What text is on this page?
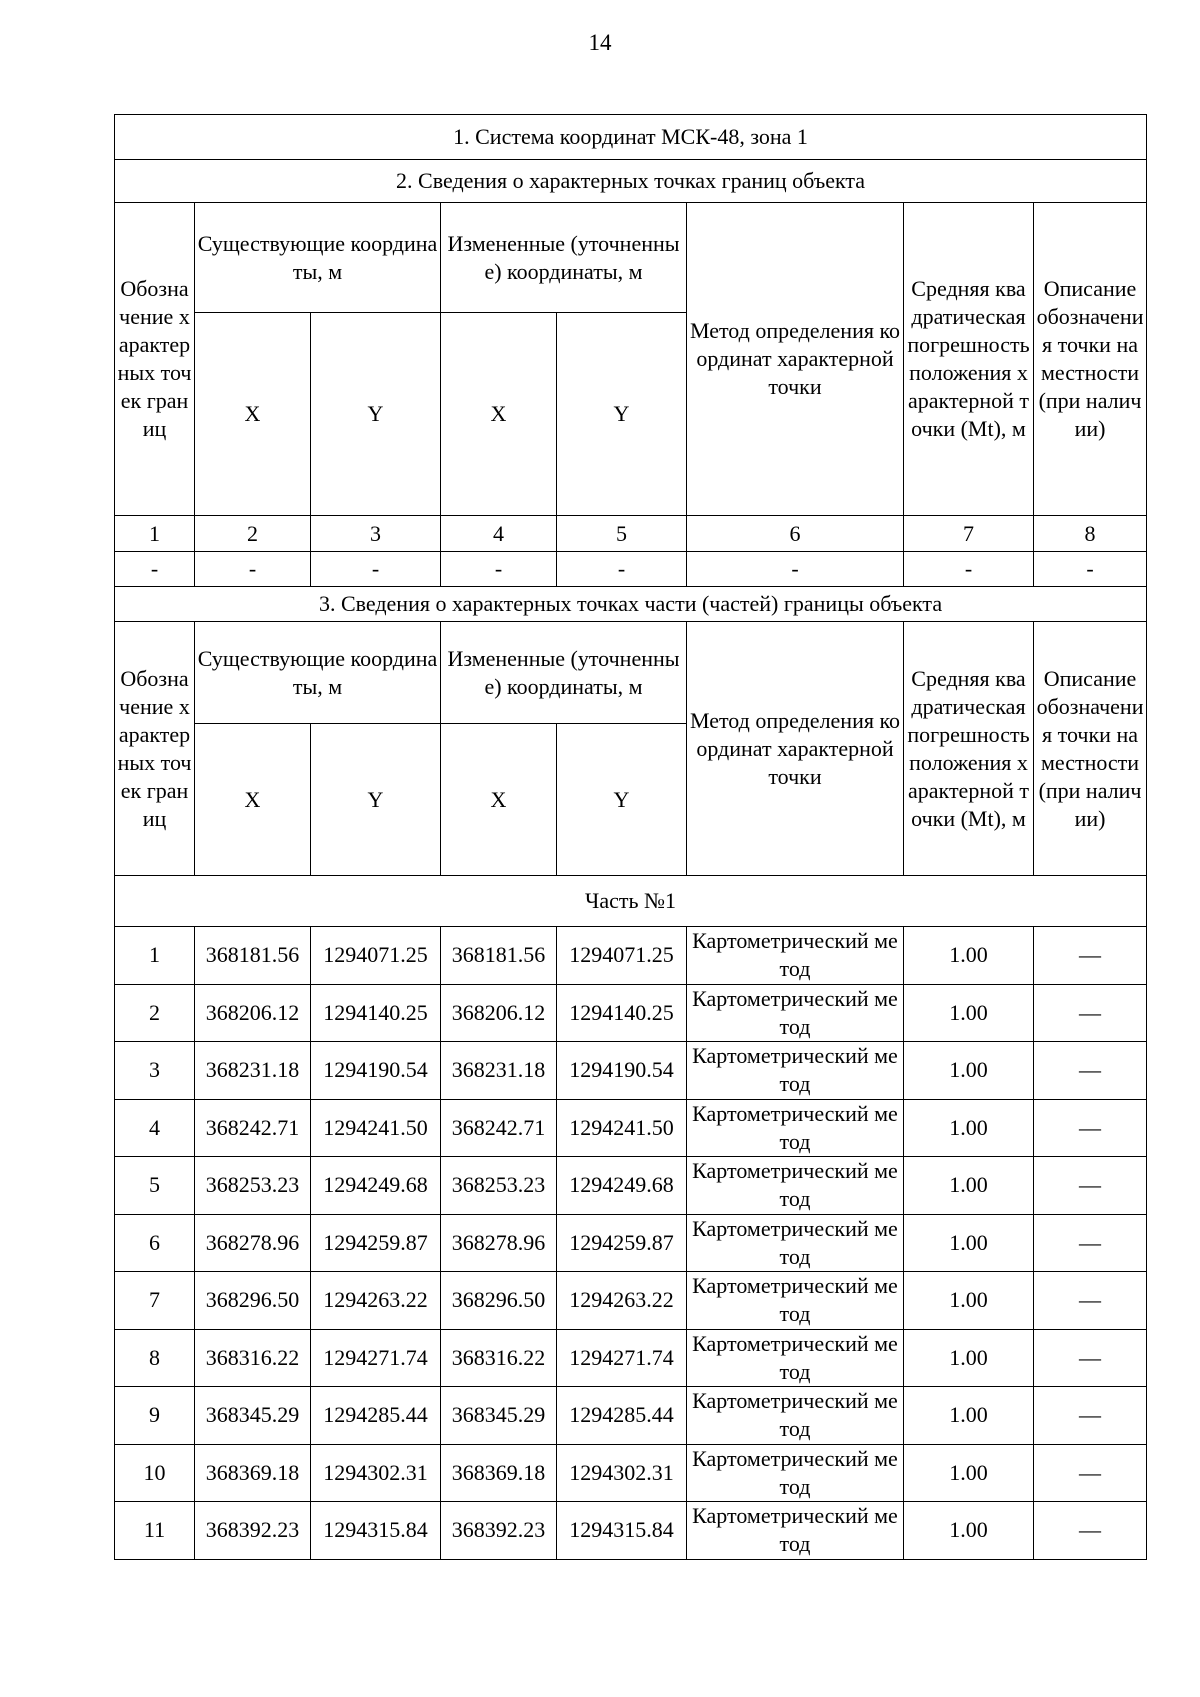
14
1. Система координат МСК-48, зона 1							
2. Сведения о характерных точках границ объекта							
Обозначение характерных точек границ	Существующие координаты, м		Измененные (уточненные) координаты, м		Метод определения координат характерной точки	Средняя квадратическая погрешность положения характерной точки (Mt), м	Описание обозначения точки на местности (при наличии)
	X	Y	X	Y			
1	2	3	4	5	6	7	8
-	-	-	-	-	-	-	-
3. Сведения о характерных точках части (частей) границы объекта							
Обозначение характерных точек границ	Существующие координаты, м		Измененные (уточненные) координаты, м		Метод определения координат характерной точки	Средняя квадратическая погрешность положения характерной точки (Mt), м	Описание обозначения точки на местности (при наличии)
	X	Y	X	Y			
Часть №1							
1	368181.56	1294071.25	368181.56	1294071.25	Картометрический метод	1.00	—
2	368206.12	1294140.25	368206.12	1294140.25	Картометрический метод	1.00	—
3	368231.18	1294190.54	368231.18	1294190.54	Картометрический метод	1.00	—
4	368242.71	1294241.50	368242.71	1294241.50	Картометрический метод	1.00	—
5	368253.23	1294249.68	368253.23	1294249.68	Картометрический метод	1.00	—
6	368278.96	1294259.87	368278.96	1294259.87	Картометрический метод	1.00	—
7	368296.50	1294263.22	368296.50	1294263.22	Картометрический метод	1.00	—
8	368316.22	1294271.74	368316.22	1294271.74	Картометрический метод	1.00	—
9	368345.29	1294285.44	368345.29	1294285.44	Картометрический метод	1.00	—
10	368369.18	1294302.31	368369.18	1294302.31	Картометрический метод	1.00	—
11	368392.23	1294315.84	368392.23	1294315.84	Картометрический метод	1.00	—
